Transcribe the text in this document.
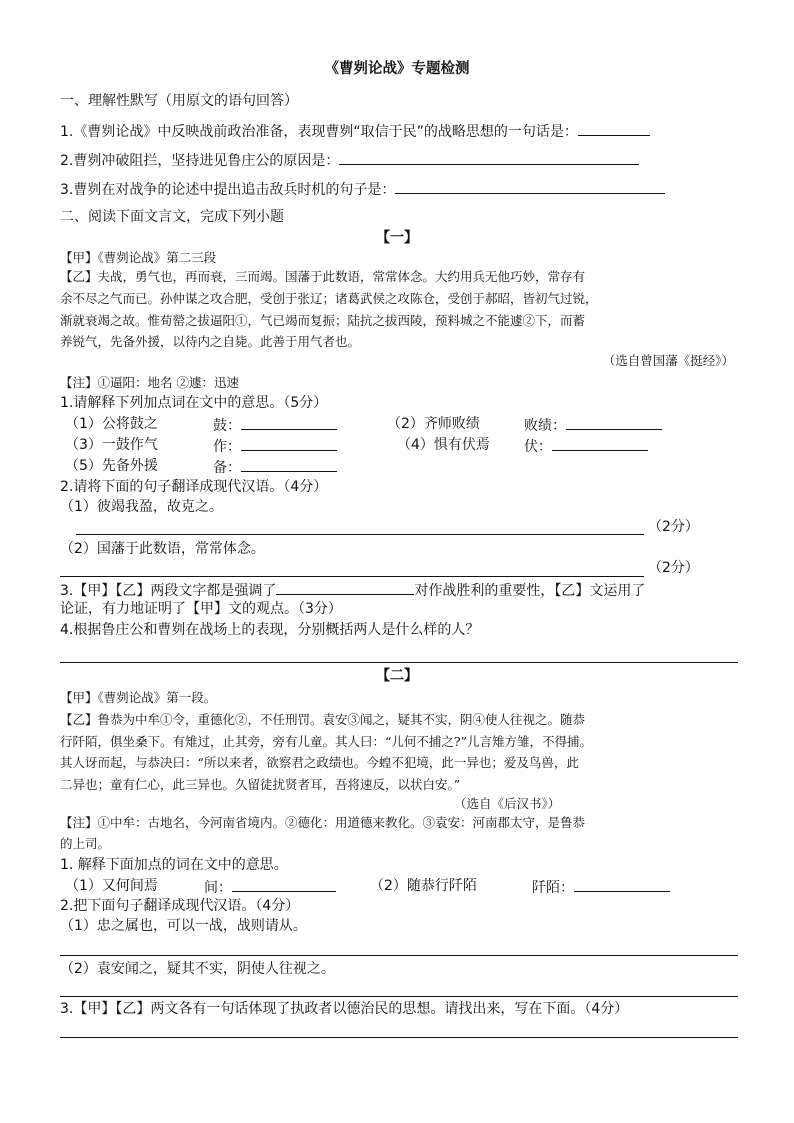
《曹刿论战》专题检测
一、理解性默写（用原文的语句回答）
1.《曹刿论战》中反映战前政治准备，表现曹刿“取信于民”的战略思想的一句话是：
2.曹刿冲破阻拦，坚持进见鲁庄公的原因是：
3.曹刿在对战争的论述中提出追击敌兵时机的句子是：
二、阅读下面文言文，完成下列小题
【一】
【甲】《曹刿论战》第二三段
【乙】夫战，勇气也，再而衰，三而竭。国藩于此数语，常常体念。大约用兵无他巧妙，常存有
余不尽之气而已。孙仲谋之攻合肥，受创于张辽；诸葛武侯之攻陈仓，受创于郝昭，皆初气过锐，
渐就衰竭之故。惟荀罃之拔逼阳①，气已竭而复振；陆抗之拔西陵，预料城之不能遽②下，而蓄
养锐气，先备外援，以待内之自毙。此善于用气者也。
（选自曾国藩《挺经》）
【注】①逼阳：地名 ②遽：迅速
1.请解释下列加点词在文中的意思。（5分）
（1）公将鼓之	鼓：	（2）齐师败绩	败绩：
（3）一鼓作气	作：	（4）惧有伏焉 伏：
（5）先备外援	备：
2.请将下面的句子翻译成现代汉语。（4分）
（1）彼竭我盈，故克之。
（2分）
（2）国藩于此数语，常常体念。
（2分）
3.【甲】【乙】两段文字都是强调了	对作战胜利的重要性，【乙】文运用了
论证，有力地证明了【甲】文的观点。（3分）
4.根据鲁庄公和曹刿在战场上的表现，分别概括两人是什么样的人？
【二】
【甲】《曹刿论战》第一段。
【乙】鲁恭为中牟①令，重德化②，不任刑罚。袁安③闻之，疑其不实，阴④使人往视之。随恭
行阡陌，俱坐桑下。有雉过，止其旁，旁有儿童。其人曰：“儿何不捕之?”儿言雉方雏，不得捕。
其人讶而起，与恭决曰：“所以来者，欲察君之政绩也。今蝗不犯境，此一异也；爱及鸟兽，此
二异也；童有仁心，此三异也。久留徒扰贤者耳，吾将速反，以状白安。”
（选自《后汉书》）
【注】①中牟：古地名，今河南省境内。②德化：用道德来教化。③袁安：河南郡太守，是鲁恭
的上司。
1. 解释下面加点的词在文中的意思。
（1）又何间焉	间：	（2）随恭行阡陌	阡陌：
2.把下面句子翻译成现代汉语。（4分）
（1）忠之属也，可以一战，战则请从。
（2）袁安闻之，疑其不实，阴使人往视之。
3.【甲】【乙】两文各有一句话体现了执政者以德治民的思想。请找出来，写在下面。（4分）
